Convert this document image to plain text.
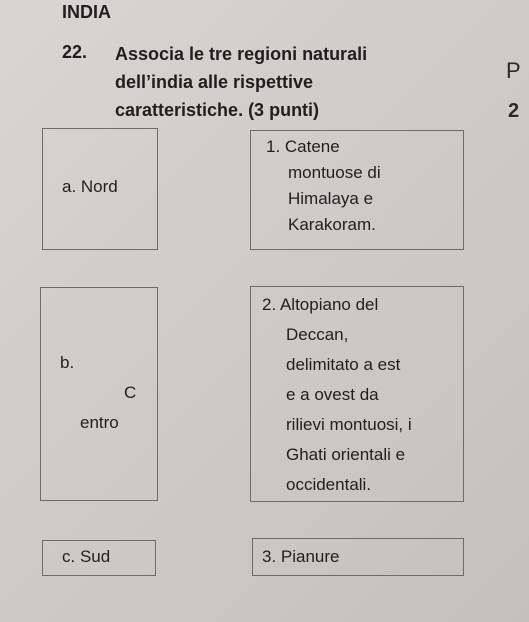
INDIA
22. Associa le tre regioni naturali
dell’india alle rispettive
caratteristiche. (3 punti)
P
2
a. Nord
1. Catene
montuose di
Himalaya e
Karakoram.
b.
C
entro
2. Altopiano del
Deccan,
delimitato a est
e a ovest da
rilievi montuosi, i
Ghati orientali e
occidentali.
c. Sud	3. Pianure
